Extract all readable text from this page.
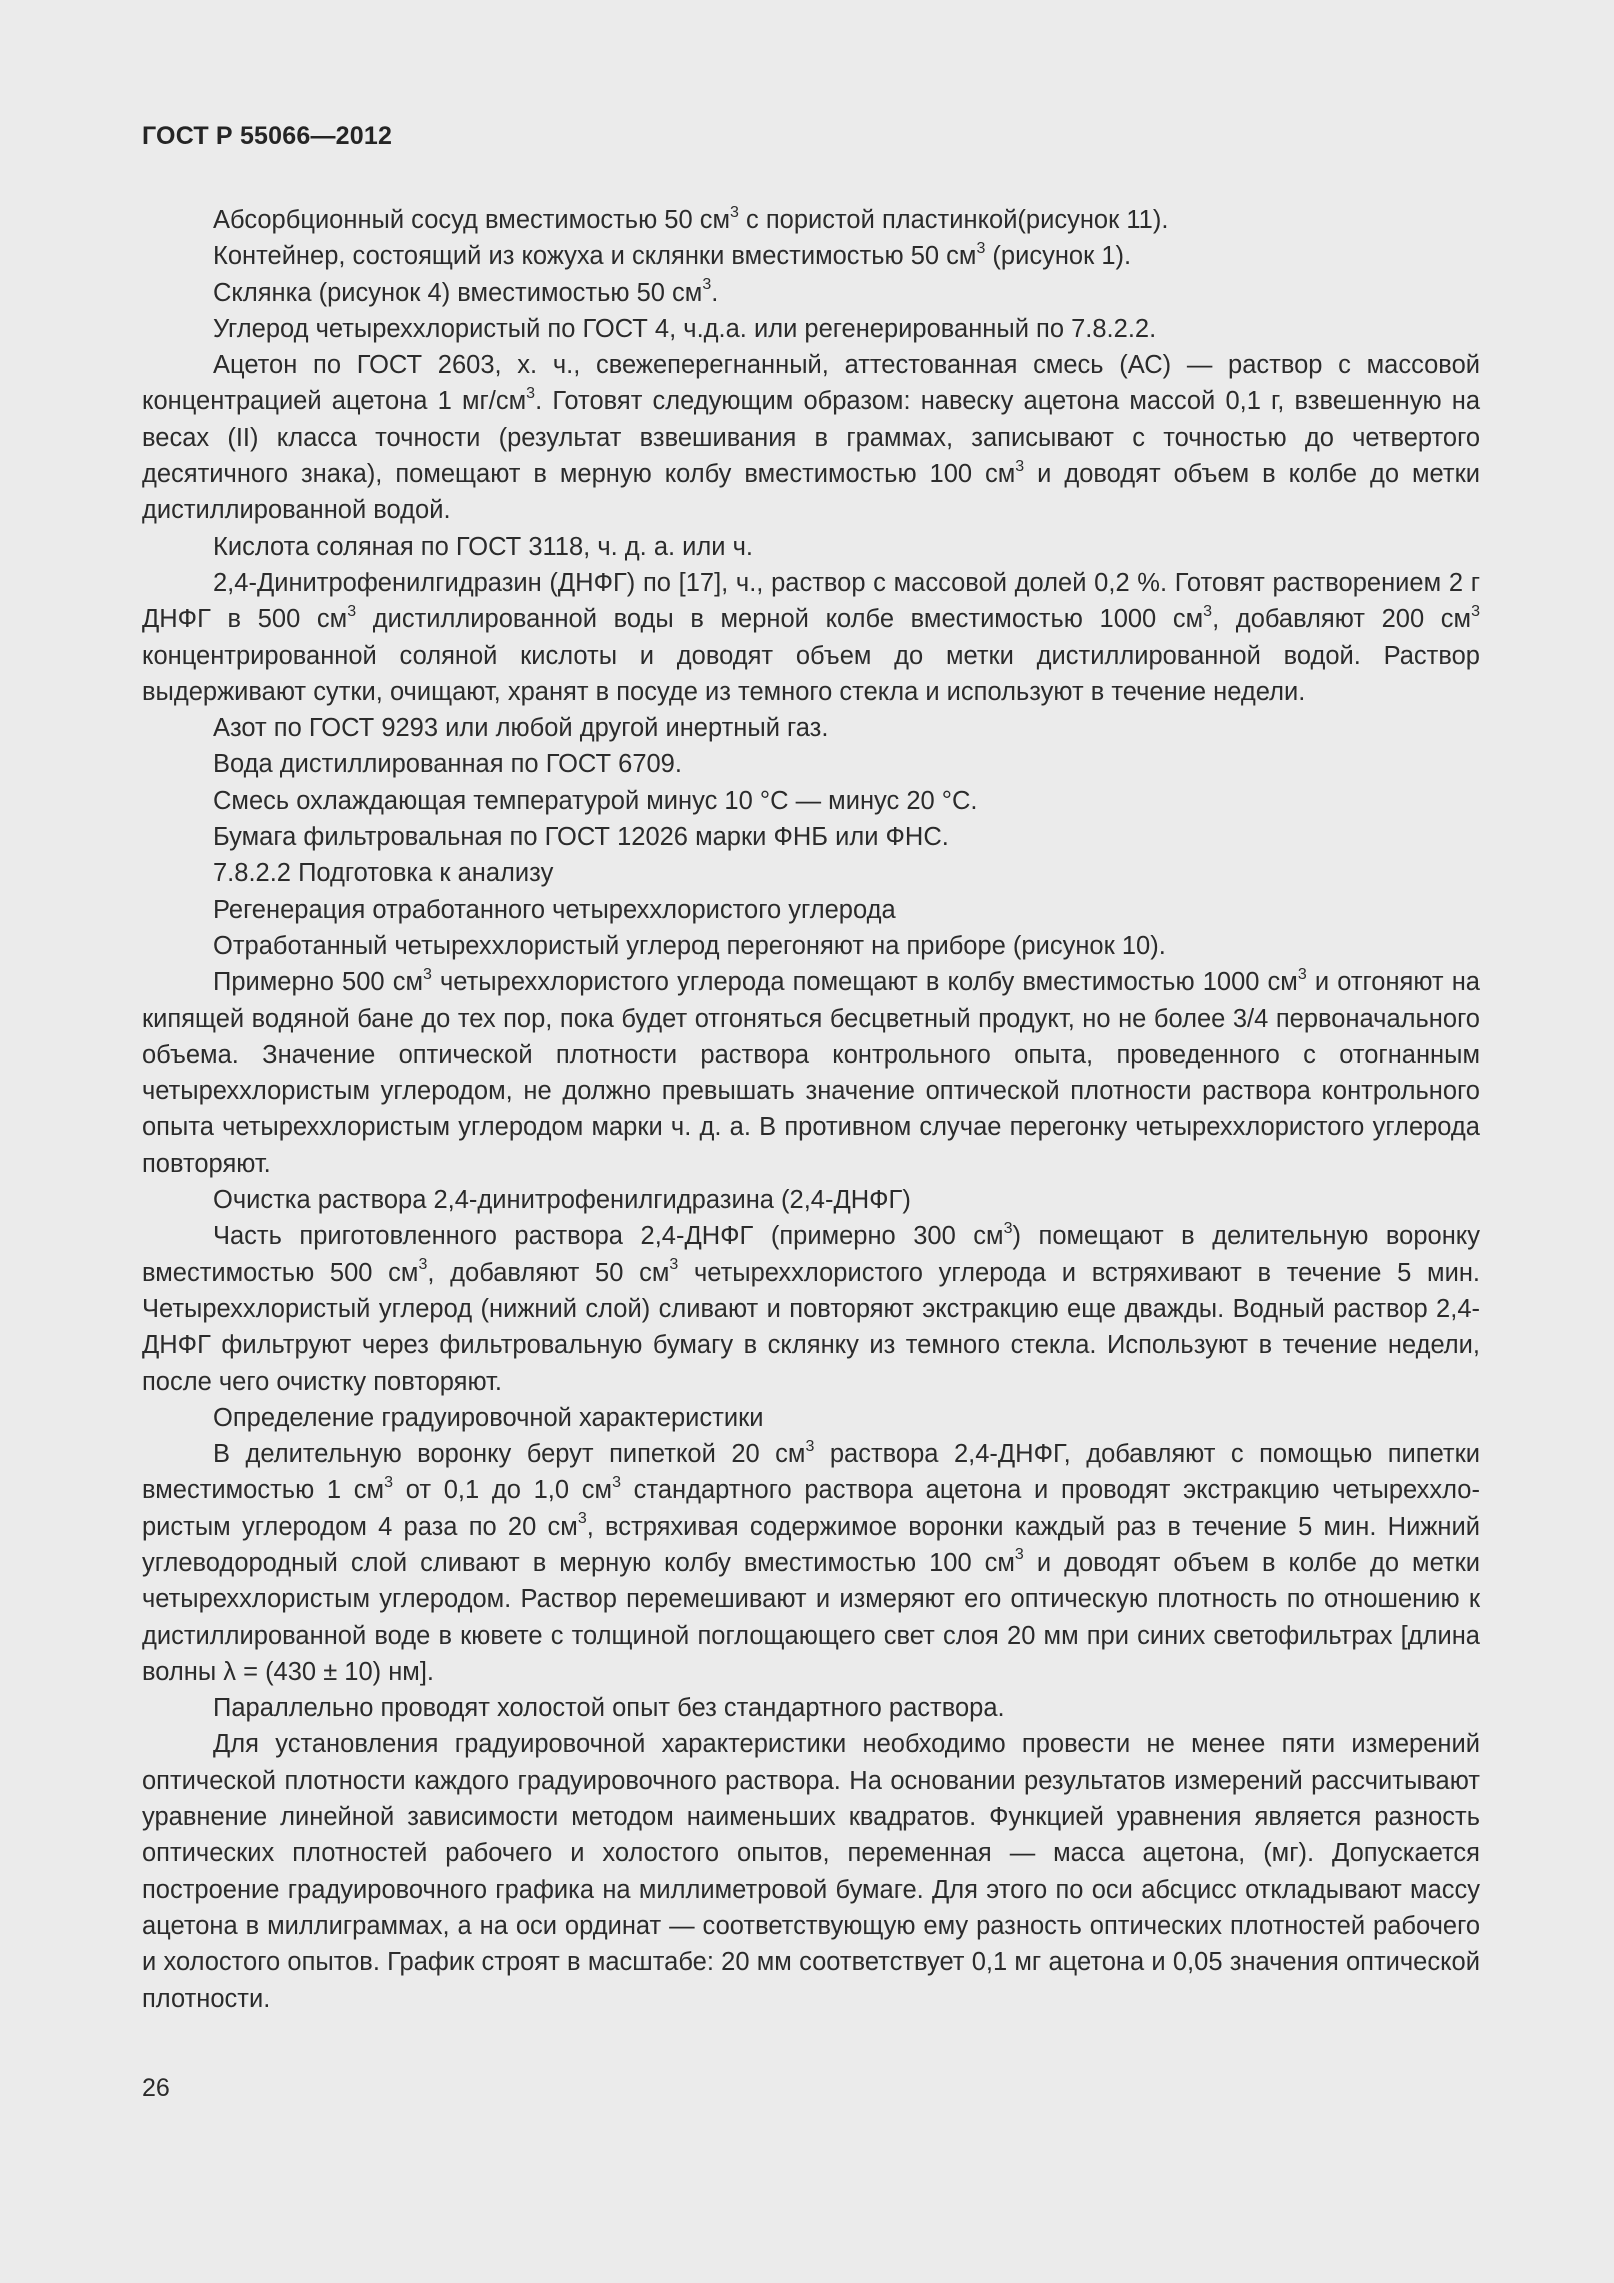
ГОСТ Р 55066—2012

Абсорбционный сосуд вместимостью 50 $см^3$ с пористой пластинкой(рисунок 11).

Контейнер, состоящий из кожуха и склянки вместимостью 50 $см^3$ (рисунок 1).

Склянка (рисунок 4) вместимостью 50 $см^3$.

Углерод четыреххлористый по ГОСТ 4, ч.д.а. или регенерированный по 7.8.2.2.

Ацетон по ГОСТ 2603, х. ч., свежеперегнанный, аттестованная смесь (АС) — раствор с массовой концентрацией ацетона 1 $мг/см^3$. Готовят следующим образом: навеску ацетона массой 0,1 г, взвешенную на весах (II) класса точности (результат взвешивания в граммах, записывают с точностью до четвертого десятичного знака), помещают в мерную колбу вместимостью 100 $см^3$ и доводят объем в колбе до метки дистиллированной водой.

Кислота соляная по ГОСТ 3118, ч. д. а. или ч.

2,4-Динитрофенилгидразин (ДНФГ) по [17], ч., раствор с массовой долей 0,2 %. Готовят растворением 2 г ДНФГ в 500 $см^3$ дистиллированной воды в мерной колбе вместимостью 1000 $см^3$, добавляют 200 $см^3$ концентрированной соляной кислоты и доводят объем до метки дистиллированной водой. Раствор выдерживают сутки, очищают, хранят в посуде из темного стекла и используют в течение недели.

Азот по ГОСТ 9293 или любой другой инертный газ.

Вода дистиллированная по ГОСТ 6709.

Смесь охлаждающая температурой минус 10 °С — минус 20 °С.

Бумага фильтровальная по ГОСТ 12026 марки ФНБ или ФНС.

7.8.2.2 Подготовка к анализу

Регенерация отработанного четыреххлористого углерода

Отработанный четыреххлористый углерод перегоняют на приборе (рисунок 10).

Примерно 500 $см^3$ четыреххлористого углерода помещают в колбу вместимостью 1000 $см^3$ и отгоняют на кипящей водяной бане до тех пор, пока будет отгоняться бесцветный продукт, но не более 3/4 первоначального объема. Значение оптической плотности раствора контрольного опыта, проведенного с отогнанным четыреххлористым углеродом, не должно превышать значение оптической плотности раствора контрольного опыта четыреххлористым углеродом марки ч. д. а. В противном случае перегонку четыреххлористого углерода повторяют.

Очистка раствора 2,4-динитрофенилгидразина (2,4-ДНФГ)

Часть приготовленного раствора 2,4-ДНФГ (примерно 300 $см^3$) помещают в делительную воронку вместимостью 500 $см^3$, добавляют 50 $см^3$ четыреххлористого углерода и встряхивают в течение 5 мин. Четыреххлористый углерод (нижний слой) сливают и повторяют экстракцию еще дважды. Водный раствор 2,4-ДНФГ фильтруют через фильтровальную бумагу в склянку из темного стекла. Используют в течение недели, после чего очистку повторяют.

Определение градуировочной характеристики

В делительную воронку берут пипеткой 20 $см^3$ раствора 2,4-ДНФГ, добавляют с помощью пипетки вместимостью 1 $см^3$ от 0,1 до 1,0 $см^3$ стандартного раствора ацетона и проводят экстракцию четыреххлористым углеродом 4 раза по 20 $см^3$, встряхивая содержимое воронки каждый раз в течение 5 мин. Нижний углеводородный слой сливают в мерную колбу вместимостью 100 $см^3$ и доводят объем в колбе до метки четыреххлористым углеродом. Раствор перемешивают и измеряют его оптическую плотность по отношению к дистиллированной воде в кювете с толщиной поглощающего свет слоя 20 мм при синих светофильтрах [длина волны λ = (430 ± 10) нм].

Параллельно проводят холостой опыт без стандартного раствора.

Для установления градуировочной характеристики необходимо провести не менее пяти измерений оптической плотности каждого градуировочного раствора. На основании результатов измерений рассчитывают уравнение линейной зависимости методом наименьших квадратов. Функцией уравнения является разность оптических плотностей рабочего и холостого опытов, переменная — масса ацетона, (мг). Допускается построение градуировочного графика на миллиметровой бумаге. Для этого по оси абсцисс откладывают массу ацетона в миллиграммах, а на оси ординат — соответствующую ему разность оптических плотностей рабочего и холостого опытов. График строят в масштабе: 20 мм соответствует 0,1 мг ацетона и 0,05 значения оптической плотности.

26
